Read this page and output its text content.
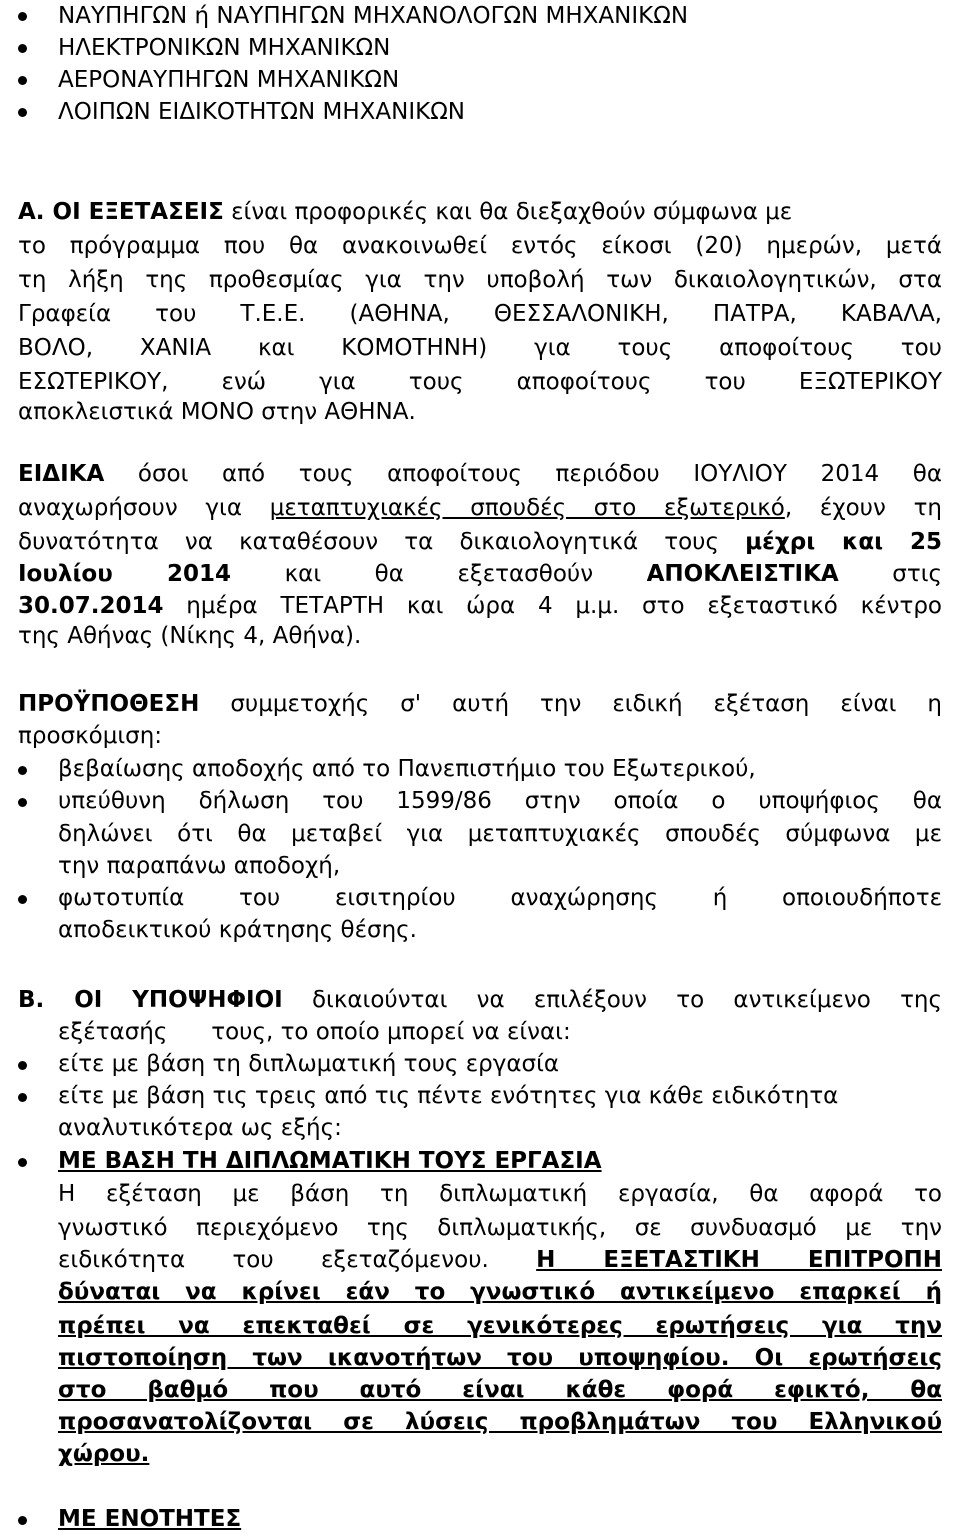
ΝΑΥΠΗΓΩΝ ή ΝΑΥΠΗΓΩΝ ΜΗΧΑΝΟΛΟΓΩΝ ΜΗΧΑΝΙΚΩΝ
ΗΛΕΚΤΡΟΝΙΚΩΝ ΜΗΧΑΝΙΚΩΝ
ΑΕΡΟΝΑΥΠΗΓΩΝ ΜΗΧΑΝΙΚΩΝ
ΛΟΙΠΩΝ ΕΙΔΙΚΟΤΗΤΩΝ ΜΗΧΑΝΙΚΩΝ
Α. ΟΙ ΕΞΕΤΑΣΕΙΣ είναι προφορικές και θα διεξαχθούν σύμφωνα με
το πρόγραμμα που θα ανακοινωθεί εντός είκοσι (20) ημερών, μετά
τη λήξη της προθεσμίας για την υποβολή των δικαιολογητικών, στα
Γραφεία του Τ.Ε.Ε. (ΑΘΗΝΑ, ΘΕΣΣΑΛΟΝΙΚΗ, ΠΑΤΡΑ, ΚΑΒΑΛΑ,
ΒΟΛΟ, ΧΑΝΙΑ και ΚΟΜΟΤΗΝΗ) για τους αποφοίτους του
ΕΣΩΤΕΡΙΚΟΥ, ενώ για τους αποφοίτους του ΕΞΩΤΕΡΙΚΟΥ
αποκλειστικά ΜΟΝΟ στην ΑΘΗΝΑ.
ΕΙΔΙΚΑ όσοι από τους αποφοίτους περιόδου ΙΟΥΛΙΟΥ 2014 θα
αναχωρήσουν για μεταπτυχιακές σπουδές στο εξωτερικό, έχουν τη
δυνατότητα να καταθέσουν τα δικαιολογητικά τους μέχρι και 25
Ιουλίου 2014 και θα εξετασθούν ΑΠΟΚΛΕΙΣΤΙΚΑ στις
30.07.2014 ημέρα ΤΕΤΑΡΤΗ και ώρα 4 μ.μ. στο εξεταστικό κέντρο
της Αθήνας (Νίκης 4, Αθήνα).
ΠΡΟΫΠΟΘΕΣΗ συμμετοχής σ' αυτή την ειδική εξέταση είναι η
προσκόμιση:
βεβαίωσης αποδοχής από το Πανεπιστήμιο του Εξωτερικού,
υπεύθυνη δήλωση του 1599/86 στην οποία ο υποψήφιος θα
δηλώνει ότι θα μεταβεί για μεταπτυχιακές σπουδές σύμφωνα με
την παραπάνω αποδοχή,
φωτοτυπία του εισιτηρίου αναχώρησης ή οποιουδήποτε
αποδεικτικού κράτησης θέσης.
Β. ΟΙ ΥΠΟΨΗΦΙΟΙ δικαιούνται να επιλέξουν το αντικείμενο της
εξέτασής      τους, το οποίο μπορεί να είναι:
είτε με βάση τη διπλωματική τους εργασία
είτε με βάση τις τρεις από τις πέντε ενότητες για κάθε ειδικότητα
αναλυτικότερα ως εξής:
ΜΕ ΒΑΣΗ ΤΗ ΔΙΠΛΩΜΑΤΙΚΗ ΤΟΥΣ ΕΡΓΑΣΙΑ
Η εξέταση με βάση τη διπλωματική εργασία, θα αφορά το
γνωστικό περιεχόμενο της διπλωματικής, σε συνδυασμό με την
ειδικότητα του εξεταζόμενου. Η ΕΞΕΤΑΣΤΙΚΗ ΕΠΙΤΡΟΠΗ
δύναται να κρίνει εάν το γνωστικό αντικείμενο επαρκεί ή
πρέπει να επεκταθεί σε γενικότερες ερωτήσεις για την
πιστοποίηση των ικανοτήτων του υποψηφίου. Οι ερωτήσεις
στο βαθμό που αυτό είναι κάθε φορά εφικτό, θα
προσανατολίζονται σε λύσεις προβλημάτων του Ελληνικού
χώρου.
ΜΕ ΕΝΟΤΗΤΕΣ
